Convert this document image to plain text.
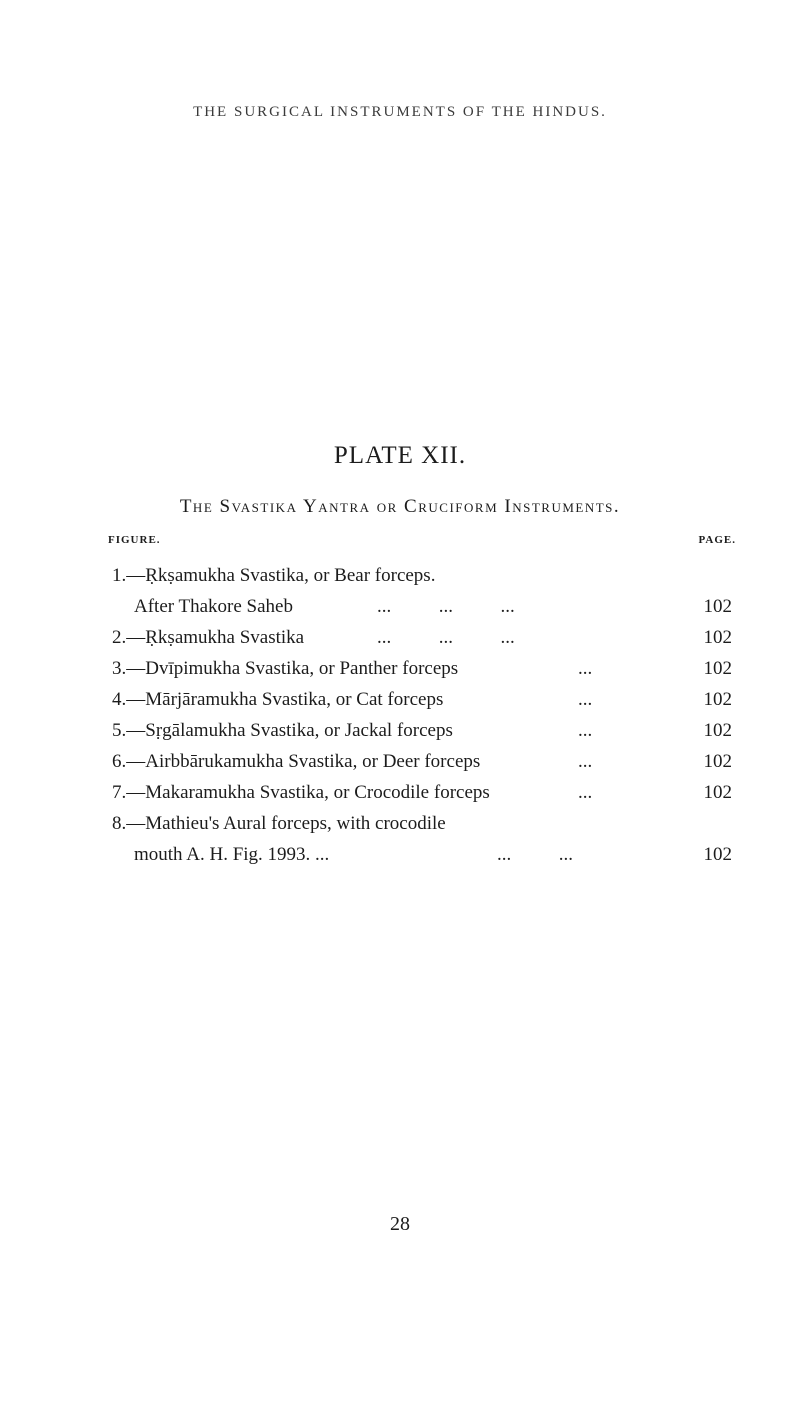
THE SURGICAL INSTRUMENTS OF THE HINDUS.
PLATE XII.
The Svastika Yantra or Cruciform Instruments.
FIGURE.	PAGE.
1.—Ṛkṣamukha Svastika, or Bear forceps.
After Thakore Saheb	...          ...          ...	102
2.—Ṛkṣamukha Svastika	...          ...          ...	102
3.—Dvīpimukha Svastika, or Panther forceps	...	102
4.—Mārjāramukha Svastika, or Cat forceps	...	102
5.—Sṛgālamukha Svastika, or Jackal forceps	...	102
6.—Airbbārukamukha Svastika, or Deer forceps	...	102
7.—Makaramukha Svastika, or Crocodile forceps	...	102
8.—Mathieu's Aural forceps, with crocodile
mouth A. H. Fig. 1993. ...	...          ...	102
28
